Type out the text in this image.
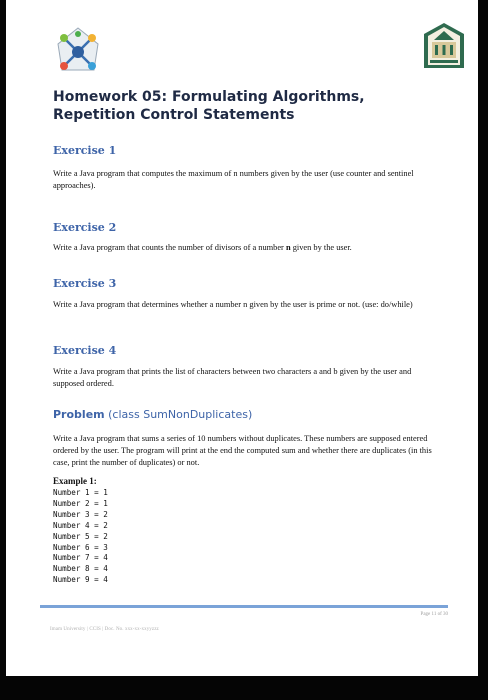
Homework 05: Formulating Algorithms, Repetition Control Statements
Exercise 1
Write a Java program that computes the maximum of n numbers given by the user (use counter and sentinel approaches).
Exercise 2
Write a Java program that counts the number of divisors of a number n given by the user.
Exercise 3
Write a Java program that determines whether a number n given by the user is prime or not. (use: do/while)
Exercise 4
Write a Java program that prints the list of characters between two characters a and b given by the user and supposed ordered.
Problem (class SumNonDuplicates)
Write a Java program that sums a series of 10 numbers without duplicates. These numbers are supposed entered ordered by the user. The program will print at the end the computed sum and whether there are duplicates (in this case, print the number of duplicates) or not.
Example 1:
Number 1 = 1
Number 2 = 1
Number 3 = 2
Number 4 = 2
Number 5 = 2
Number 6 = 3
Number 7 = 4
Number 8 = 4
Number 9 = 4
Page 11 of 30
Imam University | CCIS | Doc. No. xxx-xx-xxyyzzz
